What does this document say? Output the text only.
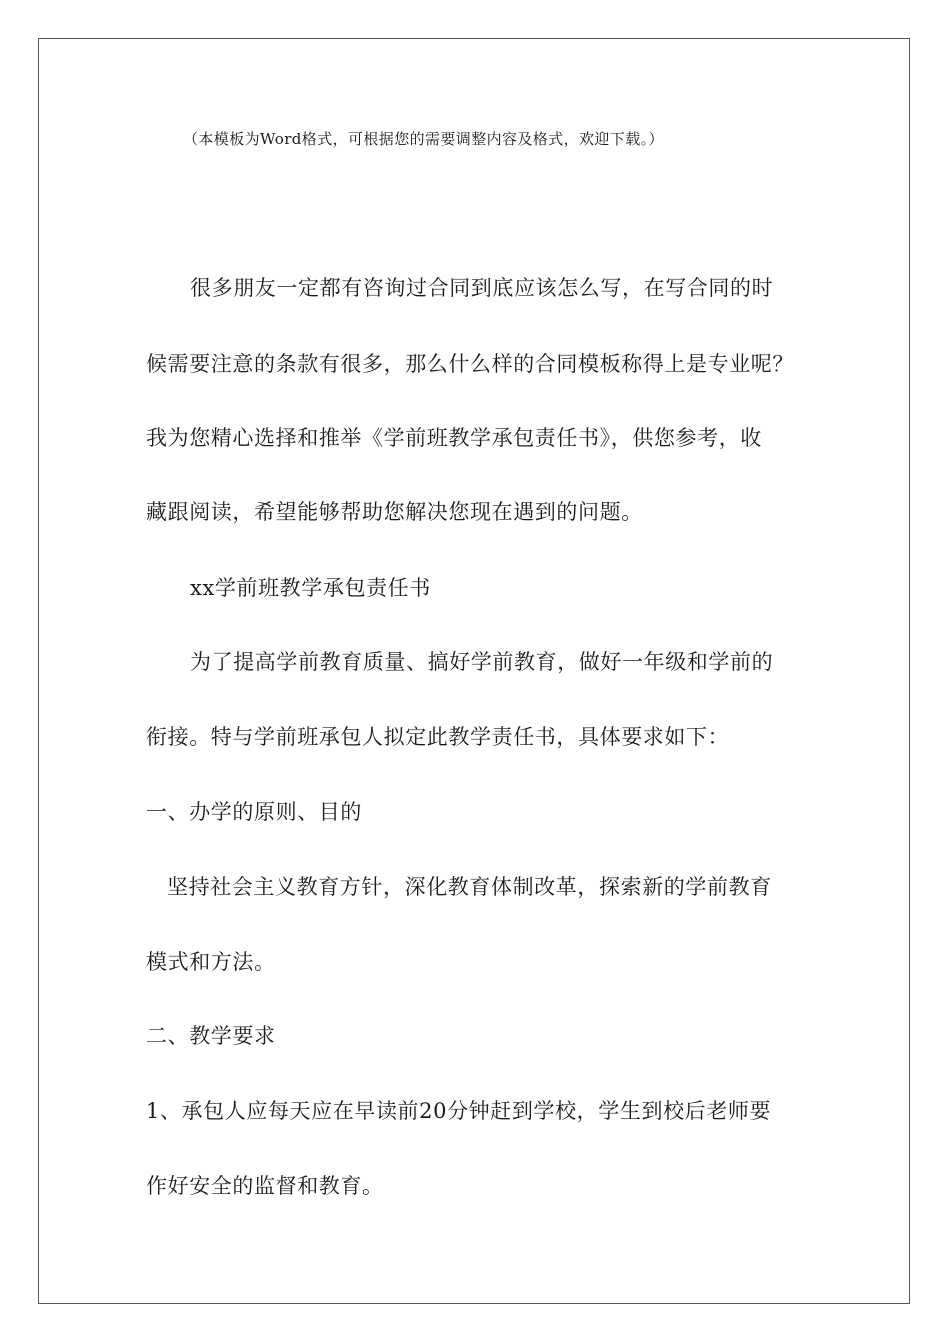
（本模板为Word格式，可根据您的需要调整内容及格式，欢迎下载。）
很多朋友一定都有咨询过合同到底应该怎么写，在写合同的时
候需要注意的条款有很多，那么什么样的合同模板称得上是专业呢？
我为您精心选择和推举《学前班教学承包责任书》，供您参考，收
藏跟阅读，希望能够帮助您解决您现在遇到的问题。
xx学前班教学承包责任书
为了提高学前教育质量、搞好学前教育，做好一年级和学前的
衔接。特与学前班承包人拟定此教学责任书，具体要求如下：
一、办学的原则、目的
坚持社会主义教育方针，深化教育体制改革，探索新的学前教育
模式和方法。
二、教学要求
1、承包人应每天应在早读前20分钟赶到学校，学生到校后老师要
作好安全的监督和教育。
